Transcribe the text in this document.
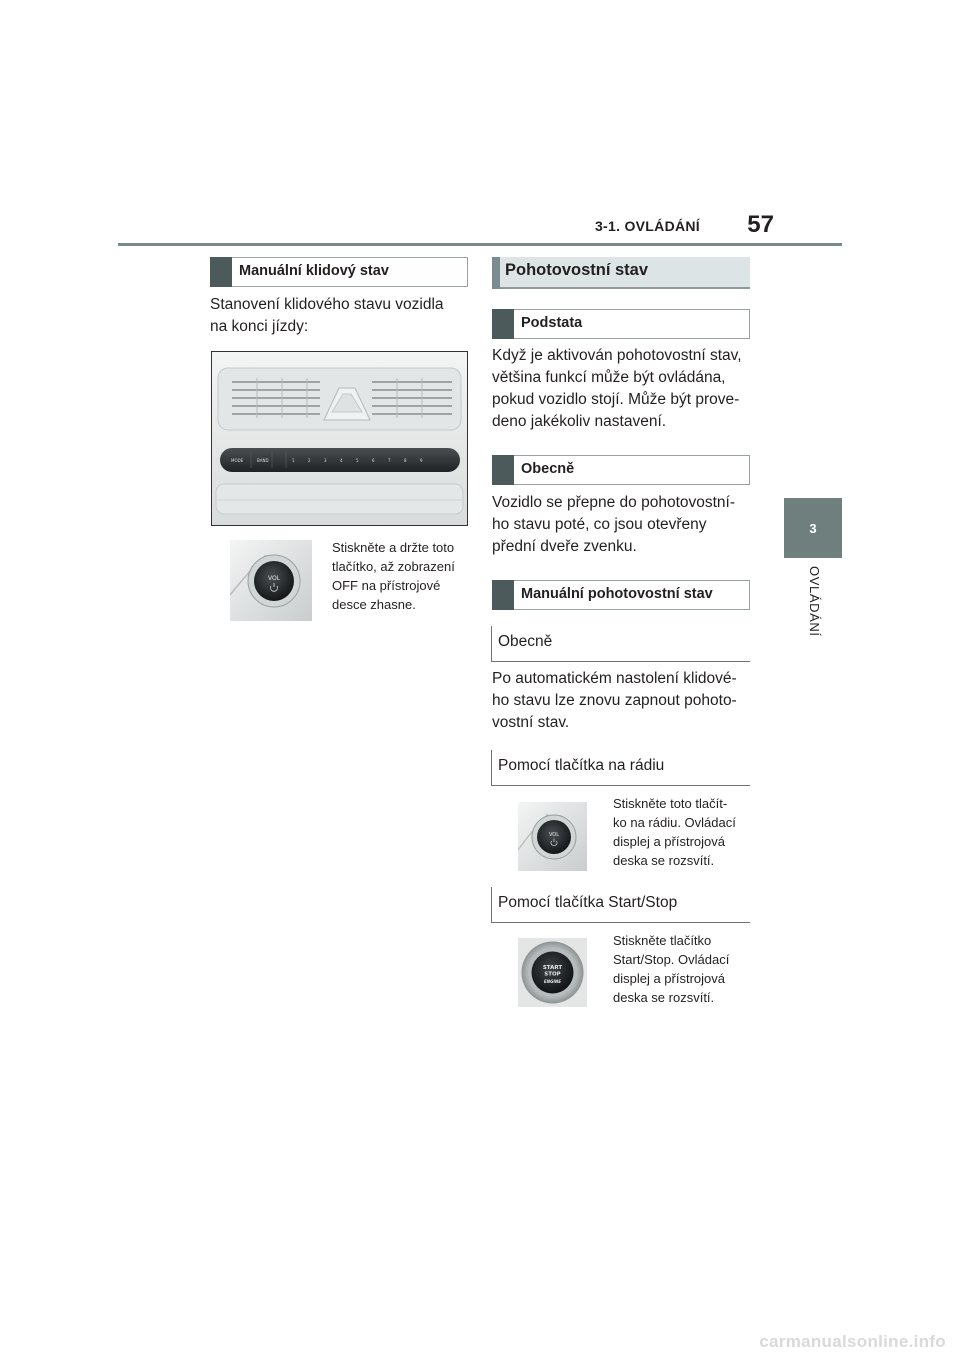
3-1. OVLÁDÁNÍ	57
3
OVLÁDÁNÍ
Manuální klidový stav
Stanovení klidového stavu vozidla
na konci jízdy:
MODE	BAND	1	2	3	4	5	6	7	8	9
VOL
Stiskněte a držte toto
tlačítko, až zobrazení
OFF na přístrojové
desce zhasne.
Pohotovostní stav
Podstata
Když je aktivován pohotovostní stav,
většina funkcí může být ovládána,
pokud vozidlo stojí. Může být prove-
deno jakékoliv nastavení.
Obecně
Vozidlo se přepne do pohotovostní-
ho stavu poté, co jsou otevřeny
přední dveře zvenku.
Manuální pohotovostní stav
Obecně
Po automatickém nastolení klidové-
ho stavu lze znovu zapnout pohoto-
vostní stav.
Pomocí tlačítka na rádiu
VOL
Stiskněte toto tlačít-
ko na rádiu. Ovládací
displej a přístrojová
deska se rozsvítí.
Pomocí tlačítka Start/Stop
START
STOP
ENGINE
Stiskněte tlačítko
Start/Stop. Ovládací
displej a přístrojová
deska se rozsvítí.
carmanualsonline.info
